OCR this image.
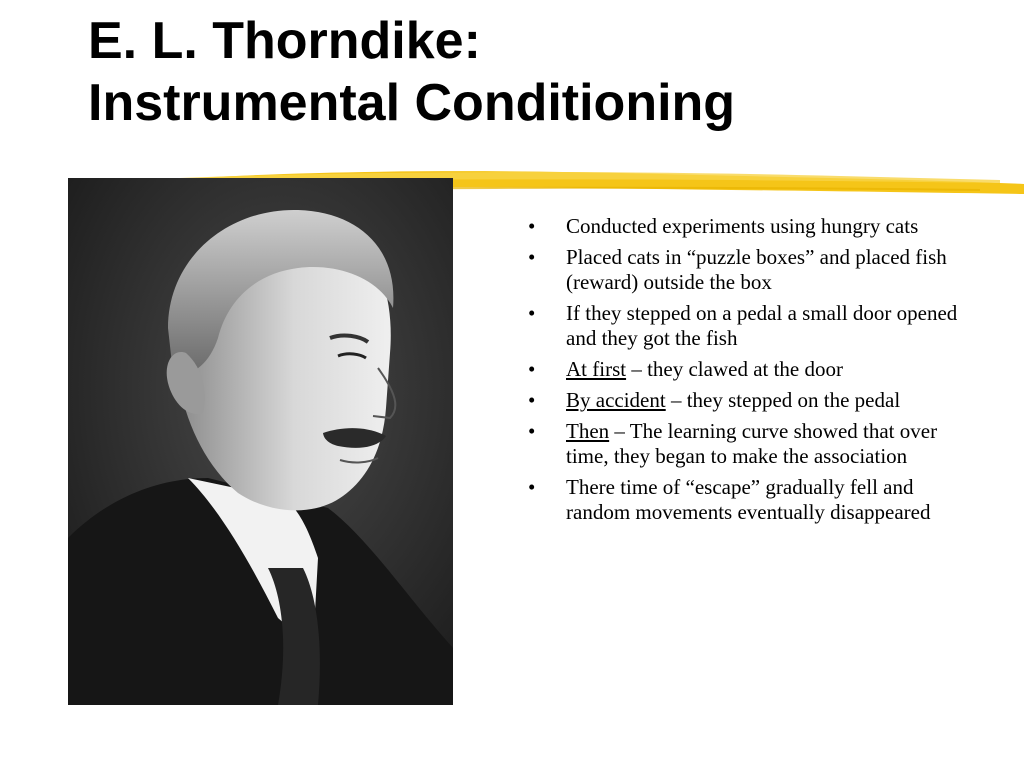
E. L. Thorndike:
Instrumental Conditioning
• Conducted experiments using hungry cats
• Placed cats in “puzzle boxes” and placed fish (reward) outside the box
• If they stepped on a pedal a small door opened and they got the fish
• At first – they clawed at the door
• By accident – they stepped on the pedal
• Then – The learning curve showed that over time, they began to make the association
• There time of “escape” gradually fell and random movements eventually disappeared
